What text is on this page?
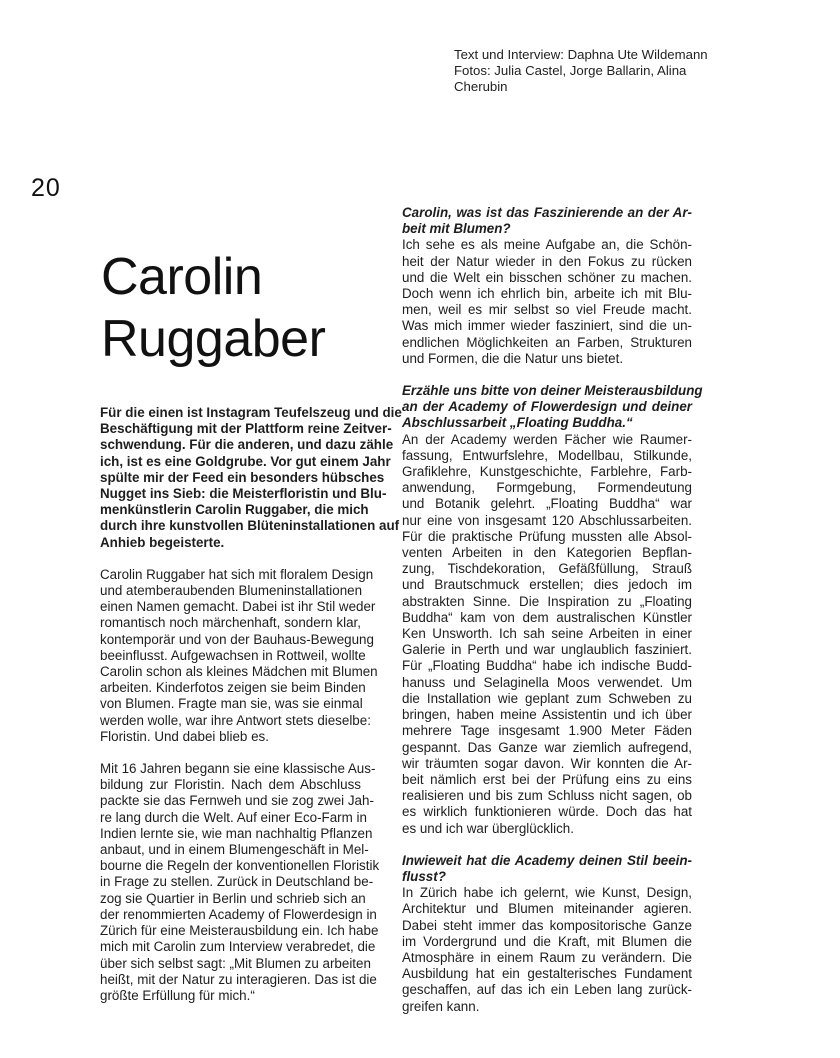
Text und Interview: Daphna Ute Wildemann
Fotos: Julia Castel, Jorge Ballarin, Alina
Cherubin
20
Carolin
Ruggaber

Für die einen ist Instagram Teufelszeug und die
Beschäftigung mit der Plattform reine Zeitver-
schwendung. Für die anderen, und dazu zähle
ich, ist es eine Goldgrube. Vor gut einem Jahr
spülte mir der Feed ein besonders hübsches
Nugget ins Sieb: die Meisterfloristin und Blu-
menkünstlerin Carolin Ruggaber, die mich
durch ihre kunstvollen Blüteninstallationen auf
Anhieb begeisterte.

Carolin Ruggaber hat sich mit floralem Design
und atemberaubenden Blumeninstallationen
einen Namen gemacht. Dabei ist ihr Stil weder
romantisch noch märchenhaft, sondern klar,
kontemporär und von der Bauhaus-Bewegung
beeinflusst. Aufgewachsen in Rottweil, wollte
Carolin schon als kleines Mädchen mit Blumen
arbeiten. Kinderfotos zeigen sie beim Binden
von Blumen. Fragte man sie, was sie einmal
werden wolle, war ihre Antwort stets dieselbe:
Floristin. Und dabei blieb es.

Mit 16 Jahren begann sie eine klassische Aus-
bildung zur Floristin. Nach dem Abschluss
packte sie das Fernweh und sie zog zwei Jah-
re lang durch die Welt. Auf einer Eco-Farm in
Indien lernte sie, wie man nachhaltig Pflanzen
anbaut, und in einem Blumengeschäft in Mel-
bourne die Regeln der konventionellen Floristik
in Frage zu stellen. Zurück in Deutschland be-
zog sie Quartier in Berlin und schrieb sich an
der renommierten Academy of Flowerdesign in
Zürich für eine Meisterausbildung ein. Ich habe
mich mit Carolin zum Interview verabredet, die
über sich selbst sagt: „Mit Blumen zu arbeiten
heißt, mit der Natur zu interagieren. Das ist die
größte Erfüllung für mich.“

Carolin, was ist das Faszinierende an der Ar-
beit mit Blumen?

Ich sehe es als meine Aufgabe an, die Schön-
heit der Natur wieder in den Fokus zu rücken
und die Welt ein bisschen schöner zu machen.
Doch wenn ich ehrlich bin, arbeite ich mit Blu-
men, weil es mir selbst so viel Freude macht.
Was mich immer wieder fasziniert, sind die un-
endlichen Möglichkeiten an Farben, Strukturen
und Formen, die die Natur uns bietet.

Erzähle uns bitte von deiner Meisterausbildung
an der Academy of Flowerdesign und deiner
Abschlussarbeit „Floating Buddha.“

An der Academy werden Fächer wie Raumer-
fassung, Entwurfslehre, Modellbau, Stilkunde,
Grafiklehre, Kunstgeschichte, Farblehre, Farb-
anwendung, Formgebung, Formendeutung
und Botanik gelehrt. „Floating Buddha“ war
nur eine von insgesamt 120 Abschlussarbeiten.
Für die praktische Prüfung mussten alle Absol-
venten Arbeiten in den Kategorien Bepflan-
zung, Tischdekoration, Gefäßfüllung, Strauß
und Brautschmuck erstellen; dies jedoch im
abstrakten Sinne. Die Inspiration zu „Floating
Buddha“ kam von dem australischen Künstler
Ken Unsworth. Ich sah seine Arbeiten in einer
Galerie in Perth und war unglaublich fasziniert.
Für „Floating Buddha“ habe ich indische Budd-
hanuss und Selaginella Moos verwendet. Um
die Installation wie geplant zum Schweben zu
bringen, haben meine Assistentin und ich über
mehrere Tage insgesamt 1.900 Meter Fäden
gespannt. Das Ganze war ziemlich aufregend,
wir träumten sogar davon. Wir konnten die Ar-
beit nämlich erst bei der Prüfung eins zu eins
realisieren und bis zum Schluss nicht sagen, ob
es wirklich funktionieren würde. Doch das hat
es und ich war überglücklich.

Inwieweit hat die Academy deinen Stil beein-
flusst?

In Zürich habe ich gelernt, wie Kunst, Design,
Architektur und Blumen miteinander agieren.
Dabei steht immer das kompositorische Ganze
im Vordergrund und die Kraft, mit Blumen die
Atmosphäre in einem Raum zu verändern. Die
Ausbildung hat ein gestalterisches Fundament
geschaffen, auf das ich ein Leben lang zurück-
greifen kann.
